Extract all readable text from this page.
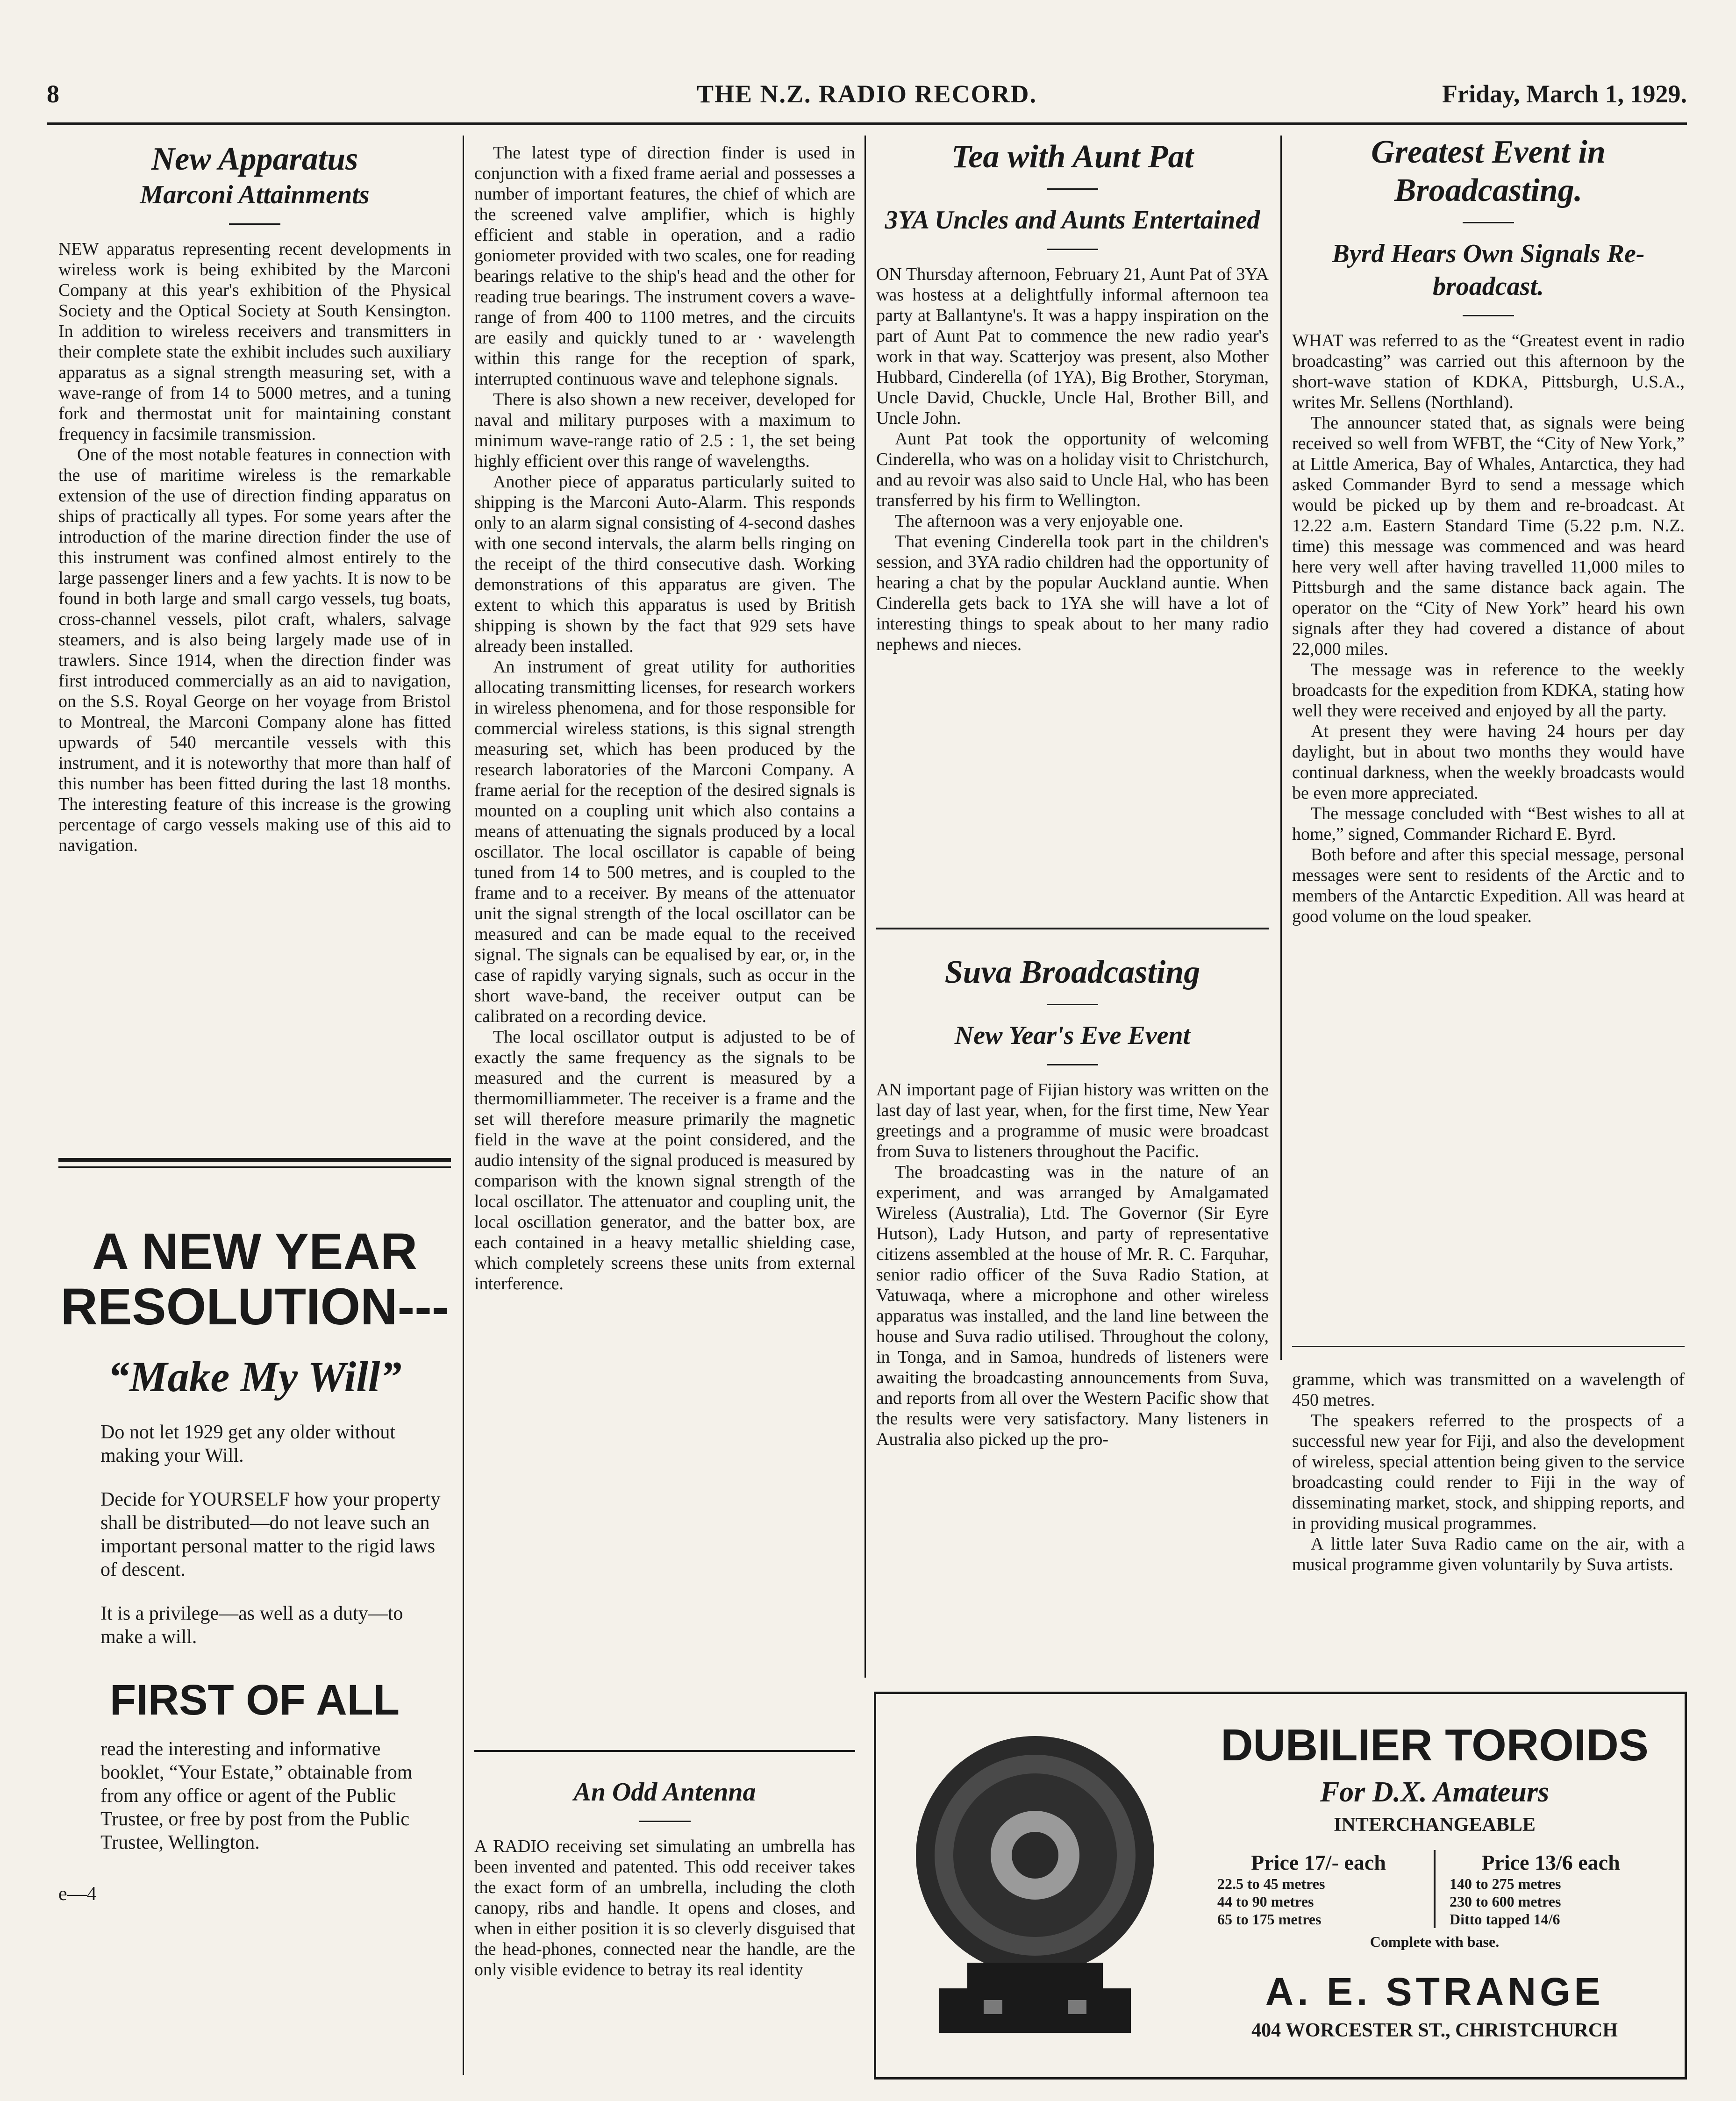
8	THE N.Z. RADIO RECORD.	Friday, March 1, 1929.
New Apparatus
Marconi Attainments

NEW apparatus representing recent developments in wireless work is being exhibited by the Marconi Company at this year's exhibition of the Physical Society and the Optical Society at South Kensington. In addition to wireless receivers and transmitters in their complete state the exhibit includes such auxiliary apparatus as a signal strength measuring set, with a wave-range of from 14 to 5000 metres, and a tuning fork and thermostat unit for maintaining constant frequency in facsimile transmission.

One of the most notable features in connection with the use of maritime wireless is the remarkable extension of the use of direction finding apparatus on ships of practically all types. For some years after the introduction of the marine direction finder the use of this instrument was confined almost entirely to the large passenger liners and a few yachts. It is now to be found in both large and small cargo vessels, tug boats, cross-channel vessels, pilot craft, whalers, salvage steamers, and is also being largely made use of in trawlers. Since 1914, when the direction finder was first introduced commercially as an aid to navigation, on the S.S. Royal George on her voyage from Bristol to Montreal, the Marconi Company alone has fitted upwards of 540 mercantile vessels with this instrument, and it is noteworthy that more than half of this number has been fitted during the last 18 months. The interesting feature of this increase is the growing percentage of cargo vessels making use of this aid to navigation.

A NEW YEAR
RESOLUTION---
“Make My Will”
Do not let 1929 get any older without making your Will.
Decide for YOURSELF how your property shall be distributed—do not leave such an important personal matter to the rigid laws of descent.
It is a privilege—as well as a duty—to make a will.
FIRST OF ALL
read the interesting and informative booklet, “Your Estate,” obtainable from from any office or agent of the Public Trustee, or free by post from the Public Trustee, Wellington.
e—4

The latest type of direction finder is used in conjunction with a fixed frame aerial and possesses a number of important features, the chief of which are the screened valve amplifier, which is highly efficient and stable in operation, and a radio goniometer provided with two scales, one for reading bearings relative to the ship's head and the other for reading true bearings. The instrument covers a wave-range of from 400 to 1100 metres, and the circuits are easily and quickly tuned to ar · wavelength within this range for the reception of spark, interrupted continuous wave and telephone signals.

There is also shown a new receiver, developed for naval and military purposes with a maximum to minimum wave-range ratio of 2.5 : 1, the set being highly efficient over this range of wavelengths.

Another piece of apparatus particularly suited to shipping is the Marconi Auto-Alarm. This responds only to an alarm signal consisting of 4-second dashes with one second intervals, the alarm bells ringing on the receipt of the third consecutive dash. Working demonstrations of this apparatus are given. The extent to which this apparatus is used by British shipping is shown by the fact that 929 sets have already been installed.

An instrument of great utility for authorities allocating transmitting licenses, for research workers in wireless phenomena, and for those responsible for commercial wireless stations, is this signal strength measuring set, which has been produced by the research laboratories of the Marconi Company. A frame aerial for the reception of the desired signals is mounted on a coupling unit which also contains a means of attenuating the signals produced by a local oscillator. The local oscillator is capable of being tuned from 14 to 500 metres, and is coupled to the frame and to a receiver. By means of the attenuator unit the signal strength of the local oscillator can be measured and can be made equal to the received signal. The signals can be equalised by ear, or, in the case of rapidly varying signals, such as occur in the short wave-band, the receiver output can be calibrated on a recording device.

The local oscillator output is adjusted to be of exactly the same frequency as the signals to be measured and the current is measured by a thermomilliammeter. The receiver is a frame and the set will therefore measure primarily the magnetic field in the wave at the point considered, and the audio intensity of the signal produced is measured by comparison with the known signal strength of the local oscillator. The attenuator and coupling unit, the local oscillation generator, and the batter box, are each contained in a heavy metallic shielding case, which completely screens these units from external interference.

An Odd Antenna

A RADIO receiving set simulating an umbrella has been invented and patented. This odd receiver takes the exact form of an umbrella, including the cloth canopy, ribs and handle. It opens and closes, and when in either position it is so cleverly disguised that the head-phones, connected near the handle, are the only visible evidence to betray its real identity

Tea with Aunt Pat
3YA Uncles and Aunts Entertained

ON Thursday afternoon, February 21, Aunt Pat of 3YA was hostess at a delightfully informal afternoon tea party at Ballantyne's. It was a happy inspiration on the part of Aunt Pat to commence the new radio year's work in that way. Scatterjoy was present, also Mother Hubbard, Cinderella (of 1YA), Big Brother, Storyman, Uncle David, Chuckle, Uncle Hal, Brother Bill, and Uncle John.

Aunt Pat took the opportunity of welcoming Cinderella, who was on a holiday visit to Christchurch, and au revoir was also said to Uncle Hal, who has been transferred by his firm to Wellington.

The afternoon was a very enjoyable one.

That evening Cinderella took part in the children's session, and 3YA radio children had the opportunity of hearing a chat by the popular Auckland auntie. When Cinderella gets back to 1YA she will have a lot of interesting things to speak about to her many radio nephews and nieces.

Suva Broadcasting
New Year's Eve Event

AN important page of Fijian history was written on the last day of last year, when, for the first time, New Year greetings and a programme of music were broadcast from Suva to listeners throughout the Pacific.

The broadcasting was in the nature of an experiment, and was arranged by Amalgamated Wireless (Australia), Ltd. The Governor (Sir Eyre Hutson), Lady Hutson, and party of representative citizens assembled at the house of Mr. R. C. Farquhar, senior radio officer of the Suva Radio Station, at Vatuwaqa, where a microphone and other wireless apparatus was installed, and the land line between the house and Suva radio utilised. Throughout the colony, in Tonga, and in Samoa, hundreds of listeners were awaiting the broadcasting announcements from Suva, and reports from all over the Western Pacific show that the results were very satisfactory. Many listeners in Australia also picked up the pro-

Greatest Event in Broadcasting.
Byrd Hears Own Signals Re-broadcast.

WHAT was referred to as the “Greatest event in radio broadcasting” was carried out this afternoon by the short-wave station of KDKA, Pittsburgh, U.S.A., writes Mr. Sellens (Northland).

The announcer stated that, as signals were being received so well from WFBT, the “City of New York,” at Little America, Bay of Whales, Antarctica, they had asked Commander Byrd to send a message which would be picked up by them and re-broadcast. At 12.22 a.m. Eastern Standard Time (5.22 p.m. N.Z. time) this message was commenced and was heard here very well after having travelled 11,000 miles to Pittsburgh and the same distance back again. The operator on the “City of New York” heard his own signals after they had covered a distance of about 22,000 miles.

The message was in reference to the weekly broadcasts for the expedition from KDKA, stating how well they were received and enjoyed by all the party.

At present they were having 24 hours per day daylight, but in about two months they would have continual darkness, when the weekly broadcasts would be even more appreciated.

The message concluded with “Best wishes to all at home,” signed, Commander Richard E. Byrd.

Both before and after this special message, personal messages were sent to residents of the Arctic and to members of the Antarctic Expedition. All was heard at good volume on the loud speaker.

gramme, which was transmitted on a wavelength of 450 metres.

The speakers referred to the prospects of a successful new year for Fiji, and also the development of wireless, special attention being given to the service broadcasting could render to Fiji in the way of disseminating market, stock, and shipping reports, and in providing musical programmes.

A little later Suva Radio came on the air, with a musical programme given voluntarily by Suva artists.

DUBILIER TOROIDS
For D.X. Amateurs
INTERCHANGEABLE
Price 17/- each
22.5 to 45 metres
44 to 90 metres
65 to 175 metres
Price 13/6 each
140 to 275 metres
230 to 600 metres
Ditto tapped 14/6
Complete with base.
A. E. STRANGE
404 WORCESTER ST., CHRISTCHURCH
